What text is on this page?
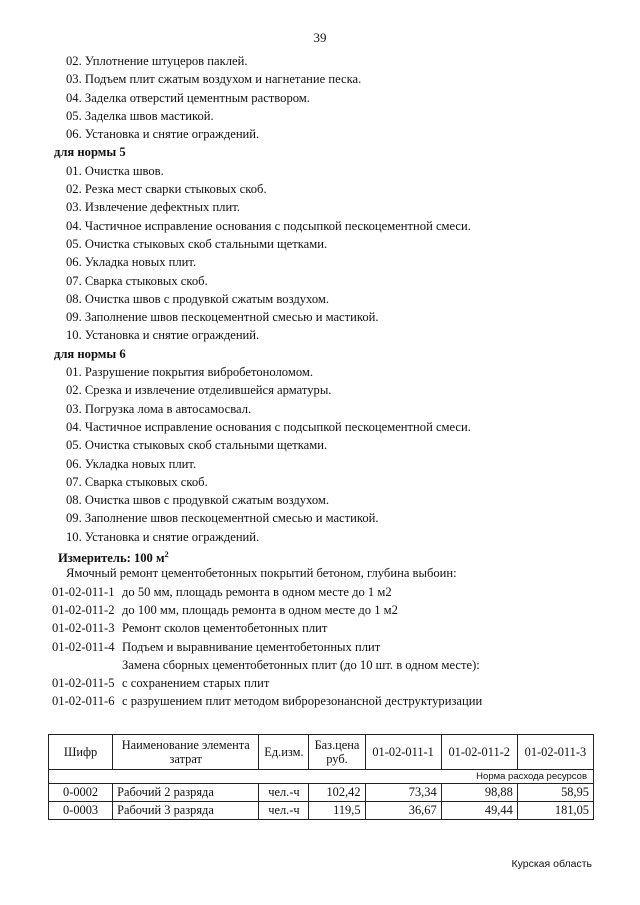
39
02. Уплотнение штуцеров паклей.
03. Подъем плит сжатым воздухом и нагнетание песка.
04. Заделка отверстий цементным раствором.
05. Заделка швов мастикой.
06. Установка и снятие ограждений.
для нормы 5
01. Очистка швов.
02. Резка мест сварки стыковых скоб.
03. Извлечение дефектных плит.
04. Частичное исправление основания с подсыпкой пескоцементной смеси.
05. Очистка стыковых скоб стальными щетками.
06. Укладка новых плит.
07. Сварка стыковых скоб.
08. Очистка швов с продувкой сжатым воздухом.
09. Заполнение швов пескоцементной смесью и мастикой.
10. Установка и снятие ограждений.
для нормы 6
01. Разрушение покрытия вибробетоноломом.
02. Срезка и извлечение отделившейся арматуры.
03. Погрузка лома в автосамосвал.
04. Частичное исправление основания с подсыпкой пескоцементной смеси.
05. Очистка стыковых скоб стальными щетками.
06. Укладка новых плит.
07. Сварка стыковых скоб.
08. Очистка швов с продувкой сжатым воздухом.
09. Заполнение швов пескоцементной смесью и мастикой.
10. Установка и снятие ограждений.
Измеритель: 100 $м^2$
Ямочный ремонт цементобетонных покрытий бетоном, глубина выбоин:
01-02-011-1 до 50 мм, площадь ремонта в одном месте до 1 м2
01-02-011-2 до 100 мм, площадь ремонта в одном месте до 1 м2
01-02-011-3 Ремонт сколов цементобетонных плит
01-02-011-4 Подъем и выравнивание цементобетонных плит
Замена сборных цементобетонных плит (до 10 шт. в одном месте):
01-02-011-5 с сохранением старых плит
01-02-011-6 с разрушением плит методом виброрезонансной деструктуризации
Шифр	Наименование элемента затрат	Ед.изм.	Баз.цена руб.	01-02-011-1	01-02-011-2	01-02-011-3
Норма расхода ресурсов						
0-0002	Рабочий 2 разряда	чел.-ч	102,42	73,34	98,88	58,95
0-0003	Рабочий 3 разряда	чел.-ч	119,5	36,67	49,44	181,05
Курская область
